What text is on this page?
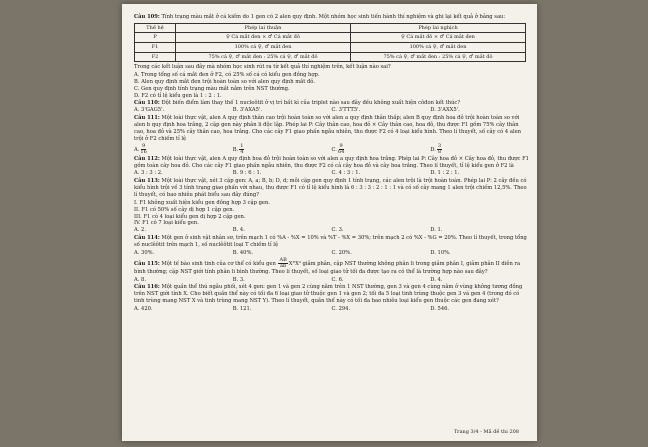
Câu 109: Tính trạng màu mắt ở cá kiếm do 1 gen có 2 alen quy định. Một nhóm học sinh tiến hành thí nghiệm và ghi lại kết quả ở bảng sau:

Thế hệ	Phép lai thuận	Phép lai nghịch
P	♀ Cá mắt đen × ♂ Cá mắt đỏ	♀ Cá mắt đỏ × ♂ Cá mắt đen
F1	100% cá ♀, ♂ mắt đen	100% cá ♀, ♂ mắt đen
F2	75% cá ♀, ♂ mắt đen : 25% cá ♀, ♂ mắt đỏ	75% cá ♀, ♂ mắt đen : 25% cá ♀, ♂ mắt đỏ

Trong các kết luận sau đây mà nhóm học sinh rút ra từ kết quả thí nghiệm trên, kết luận nào sai?

A. Trong tổng số cá mắt đen ở F2, có 25% số cá có kiểu gen đồng hợp.

B. Alen quy định mắt đen trội hoàn toàn so với alen quy định mắt đỏ.

C. Gen quy định tính trạng màu mắt nằm trên NST thường.

D. F2 có tỉ lệ kiểu gen là 1 : 2 : 1.

Câu 110: Đột biến điểm làm thay thế 1 nucleôtit ở vị trí bất kì của triplet nào sau đây đều không xuất hiện côđon kết thúc?

A. 3'GAG5'.	B. 3'AXA5'.	C. 3'TTT5'.	D. 3'AXX5'.

Câu 111: Một loài thực vật, alen A quy định thân cao trội hoàn toàn so với alen a quy định thân thấp; alen B quy định hoa đỏ trội hoàn toàn so với alen b quy định hoa trắng, 2 cặp gen này phân li độc lập. Phép lai P: Cây thân cao, hoa đỏ × Cây thân cao, hoa đỏ, thu được F1 gồm 75% cây thân cao, hoa đỏ và 25% cây thân cao, hoa trắng. Cho các cây F1 giao phấn ngẫu nhiên, thu được F2 có 4 loại kiểu hình. Theo lí thuyết, số cây có 4 alen trội ở F2 chiếm tỉ lệ

A. $\frac{9}{16}$	B. $\frac{1}{4}$	C. $\frac{9}{64}$	D. $\frac{3}{8}$

Câu 112: Một loài thực vật, alen A quy định hoa đỏ trội hoàn toàn so với alen a quy định hoa trắng. Phép lai P: Cây hoa đỏ × Cây hoa đỏ, thu được F1 gồm toàn cây hoa đỏ. Cho các cây F1 giao phấn ngẫu nhiên, thu được F2 có cả cây hoa đỏ và cây hoa trắng. Theo lí thuyết, tỉ lệ kiểu gen ở F2 là

A. 3 : 3 : 2.	B. 9 : 6 : 1.	C. 4 : 3 : 1.	D. 1 : 2 : 1.

Câu 113: Một loài thực vật, xét 3 cặp gen: A, a; B, b; D, d; mỗi cặp gen quy định 1 tính trạng, các alen trội là trội hoàn toàn. Phép lai P: 2 cây đều có kiểu hình trội về 3 tính trạng giao phấn với nhau, thu được F1 có tỉ lệ kiểu hình là 6 : 3 : 3 : 2 : 1 : 1 và có số cây mang 1 alen trội chiếm 12,5%. Theo lí thuyết, có bao nhiêu phát biểu sau đây đúng?

I. F1 không xuất hiện kiểu gen đồng hợp 3 cặp gen.

II. F1 có 50% số cây dị hợp 1 cặp gen.

III. F1 có 4 loại kiểu gen dị hợp 2 cặp gen.

IV. F1 có 7 loại kiểu gen.

A. 2.	B. 4.	C. 3.	D. 1.

Câu 114: Một gen ở sinh vật nhân sơ, trên mạch 1 có %A - %X = 10% và %T - %X = 30%; trên mạch 2 có %X - %G = 20%. Theo lí thuyết, trong tổng số nuclêôtit trên mạch 1, số nuclêôtit loại T chiếm tỉ lệ

A. 30%.	B. 40%.	C. 20%.	D. 10%.

Câu 115: Một tế bào sinh tinh của cơ thể có kiểu gen $\frac{AB}{ab}$ XᴰXᵈ giảm phân, cặp NST thường không phân li trong giảm phân I, giảm phân II diễn ra bình thường; cặp NST giới tính phân li bình thường. Theo lí thuyết, số loại giao tử tối đa được tạo ra có thể là trường hợp nào sau đây?

A. 8.	B. 3.	C. 6.	D. 4.

Câu 116: Một quần thể thú ngẫu phối, xét 4 gen: gen 1 và gen 2 cùng nằm trên 1 NST thường, gen 3 và gen 4 cùng nằm ở vùng không tương đồng trên NST giới tính X. Cho biết quần thể này có tối đa 6 loại giao tử thuộc gen 1 và gen 2; tối đa 5 loại tinh trùng thuộc gen 3 và gen 4 (trong đó có tinh trùng mang NST X và tinh trùng mang NST Y). Theo lí thuyết, quần thể này có tối đa bao nhiêu loại kiểu gen thuộc các gen đang xét?

A. 420.	B. 121.	C. 294.	D. 546.
Trang 3/4 - Mã đề thi 208
